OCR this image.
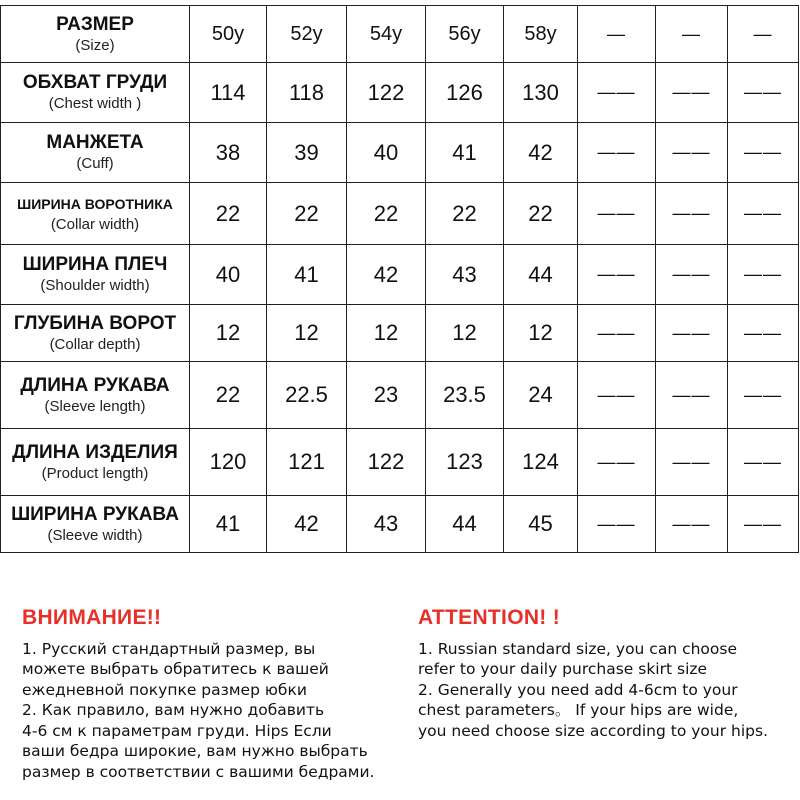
РАЗМЕР
(Size)	50y	52y	54y	56y	58y	—	—	—

ОБХВАТ ГРУДИ
(Chest width )	114	118	122	126	130	——	——	——

МАНЖЕТА
(Cuff)	38	39	40	41	42	——	——	——

ШИРИНА ВОРОТНИКА
(Collar width)	22	22	22	22	22	——	——	——

ШИРИНА ПЛЕЧ
(Shoulder width)	40	41	42	43	44	——	——	——

ГЛУБИНА ВОРОТ
(Collar depth)	12	12	12	12	12	——	——	——

ДЛИНА РУКАВА
(Sleeve length)	22	22.5	23	23.5	24	——	——	——

ДЛИНА ИЗДЕЛИЯ
(Product length)	120	121	122	123	124	——	——	——

ШИРИНА РУКАВА
(Sleeve width)	41	42	43	44	45	——	——	——
ВНИМАНИЕ!!
1. Русский стандартный размер, вы
можете выбрать обратитесь к вашей
ежедневной покупке размер юбки
2. Как правило, вам нужно добавить
4-6 см к параметрам груди. Hips Если
ваши бедра широкие, вам нужно выбрать
размер в соответствии с вашими бедрами.
ATTENTION! !
1. Russian standard size, you can choose
refer to your daily purchase skirt size
2. Generally you need add 4-6cm to your
chest parameters。 If your hips are wide,
you need choose size according to your hips.
